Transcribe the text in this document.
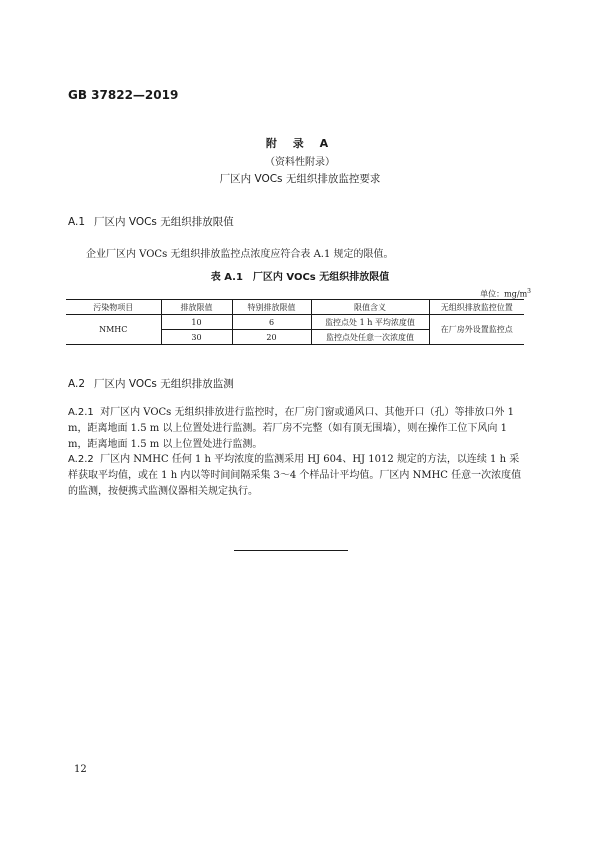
GB 37822—2019
附 录 A
（资料性附录）
厂区内 VOCs 无组织排放监控要求
A.1 厂区内 VOCs 无组织排放限值
企业厂区内 VOCs 无组织排放监控点浓度应符合表 A.1 规定的限值。
表 A.1　厂区内 VOCs 无组织排放限值
单位：$mg/m^3$
污染物项目	排放限值	特别排放限值	限值含义	无组织排放监控位置
NMHC	10	6	监控点处 1 h 平均浓度值	在厂房外设置监控点
	30	20	监控点处任意一次浓度值	
A.2 厂区内 VOCs 无组织排放监测
A.2.1 对厂区内 VOCs 无组织排放进行监控时，在厂房门窗或通风口、其他开口（孔）等排放口外 1 m，距离地面 1.5 m 以上位置处进行监测。若厂房不完整（如有顶无围墙），则在操作工位下风向 1 m，距离地面 1.5 m 以上位置处进行监测。
A.2.2 厂区内 NMHC 任何 1 h 平均浓度的监测采用 HJ 604、HJ 1012 规定的方法，以连续 1 h 采样获取平均值，或在 1 h 内以等时间间隔采集 3～4 个样品计平均值。厂区内 NMHC 任意一次浓度值的监测，按便携式监测仪器相关规定执行。
12
